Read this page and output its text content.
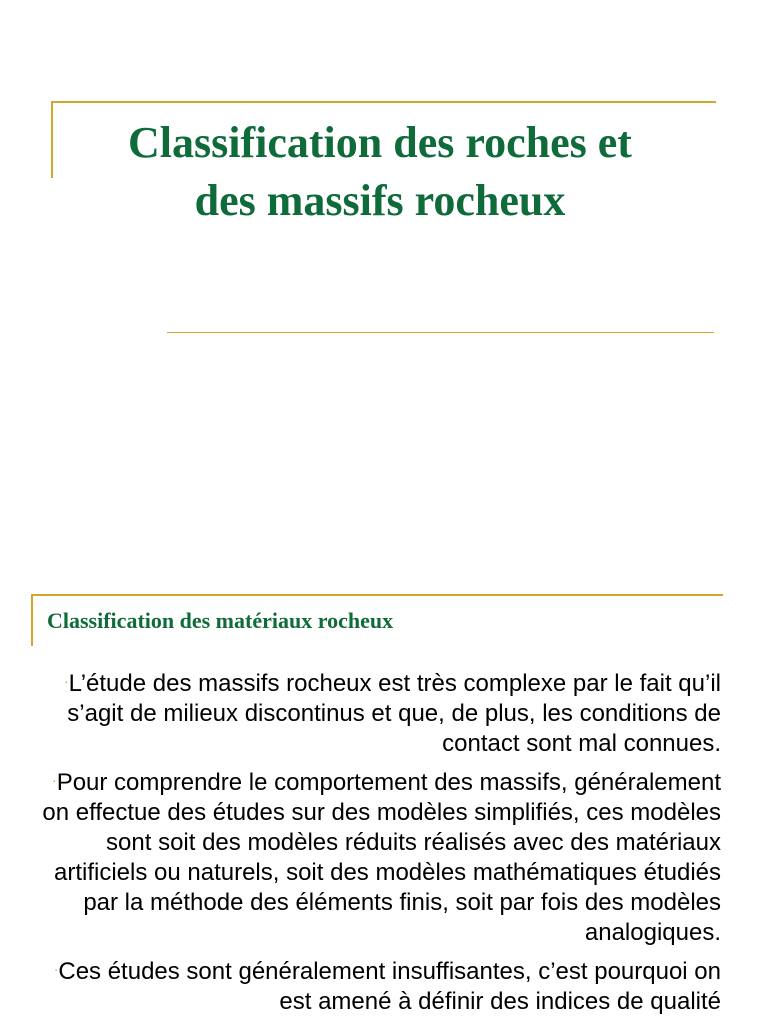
Classification des roches et
des massifs rocheux
Classification des matériaux rocheux
·L’étude des massifs rocheux est très complexe par le fait qu’il s’agit de milieux discontinus et que, de plus, les conditions de contact sont mal connues.
·Pour comprendre le comportement des massifs, généralement on effectue des études sur des modèles simplifiés, ces modèles sont soit des modèles réduits réalisés avec des matériaux artificiels ou naturels, soit des modèles mathématiques étudiés par la méthode des éléments finis, soit par fois des modèles analogiques.
·Ces études sont généralement insuffisantes, c’est pourquoi on est amené à définir des indices de qualité
